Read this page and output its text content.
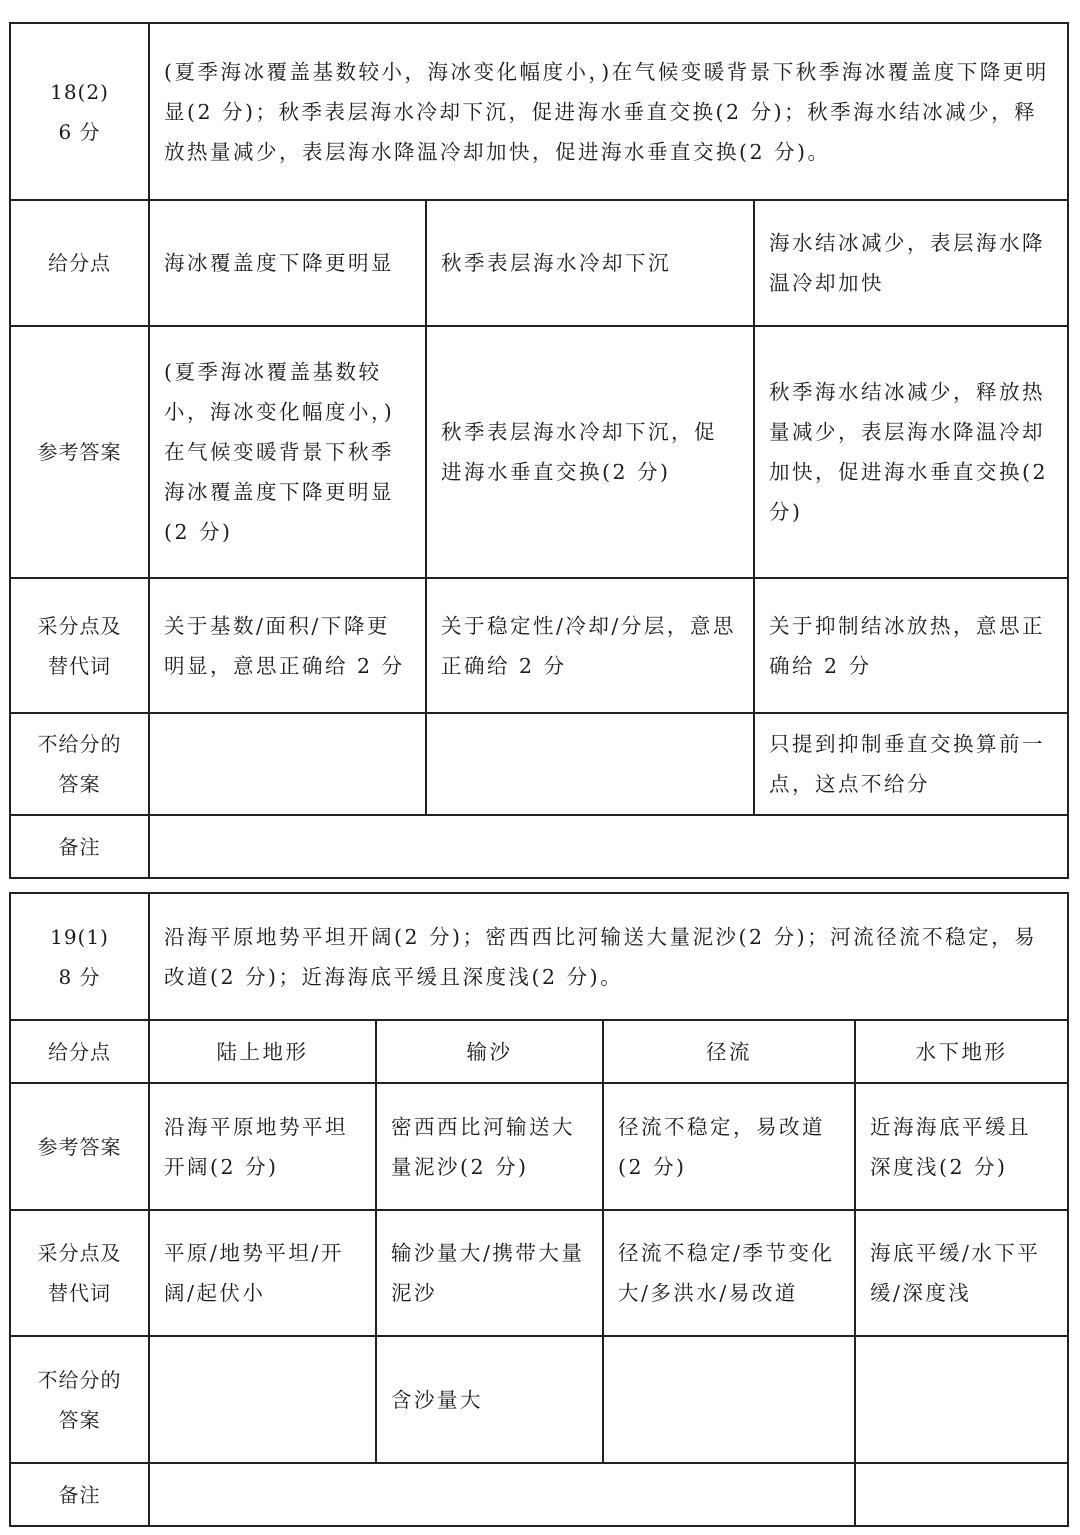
18(2)
6 分	(夏季海冰覆盖基数较小，海冰变化幅度小，)在气候变暖背景下秋季海冰覆盖度下降更明显(2 分)；秋季表层海水冷却下沉，促进海水垂直交换(2 分)；秋季海水结冰减少，释放热量减少，表层海水降温冷却加快，促进海水垂直交换(2 分)。		
给分点	海冰覆盖度下降更明显	秋季表层海水冷却下沉	海水结冰减少，表层海水降温冷却加快
参考答案	(夏季海冰覆盖基数较小，海冰变化幅度小，)在气候变暖背景下秋季海冰覆盖度下降更明显(2 分)	秋季表层海水冷却下沉，促进海水垂直交换(2 分)	秋季海水结冰减少，释放热量减少，表层海水降温冷却加快，促进海水垂直交换(2 分)

采分点及
替代词	关于基数/面积/下降更明显，意思正确给 2 分	关于稳定性/冷却/分层，意思正确给 2 分	关于抑制结冰放热，意思正确给 2 分

不给分的
答案			只提到抑制垂直交换算前一点，这点不给分
备注			
19(1)
8 分	沿海平原地势平坦开阔(2 分)；密西西比河输送大量泥沙(2 分)；河流径流不稳定，易改道(2 分)；近海海底平缓且深度浅(2 分)。			
给分点	陆上地形	输沙	径流	水下地形
参考答案	沿海平原地势平坦开阔(2 分)	密西西比河输送大量泥沙(2 分)	径流不稳定，易改道(2 分)	近海海底平缓且深度浅(2 分)

采分点及
替代词	平原/地势平坦/开阔/起伏小	输沙量大/携带大量泥沙	径流不稳定/季节变化大/多洪水/易改道	海底平缓/水下平缓/深度浅

不给分的
答案		含沙量大		
备注				
